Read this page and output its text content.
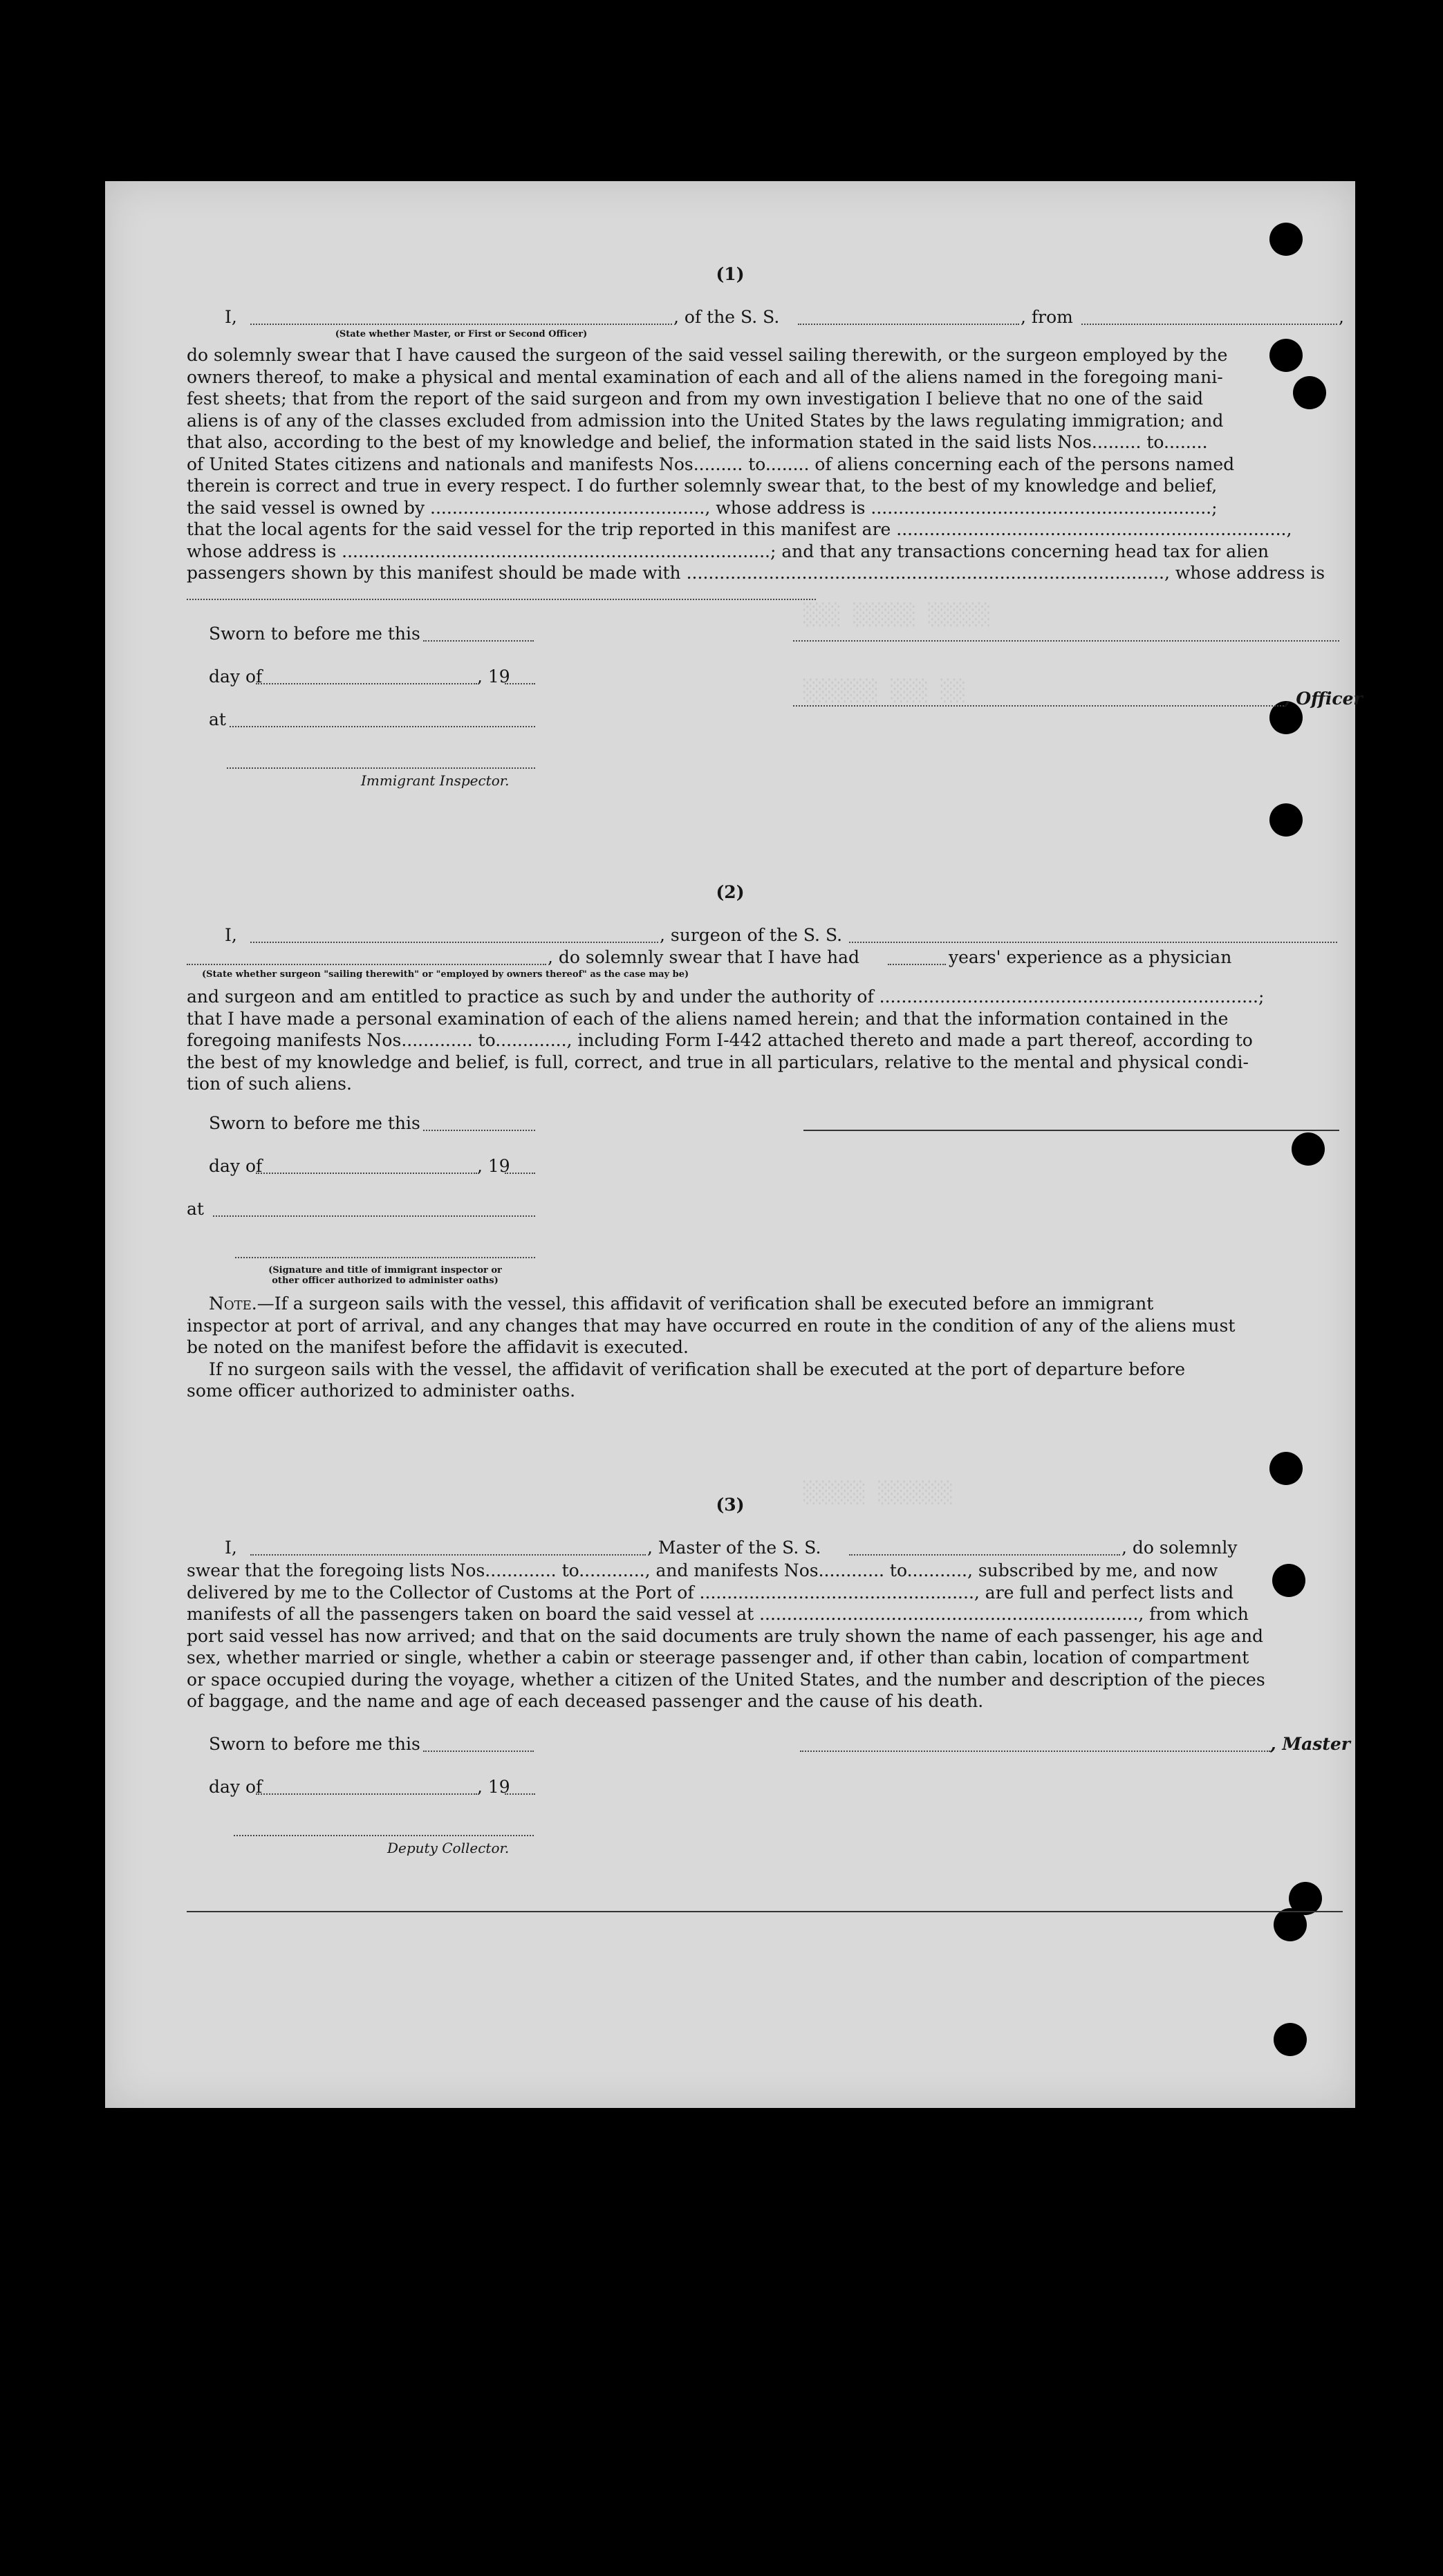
░░░ ░░░░░ ░░░░░
░░░░░░ ░░░ ░░
░░░░░ ░░░░░░
(1)
I,	, of the S. S.	, from	,
(State whether Master, or First or Second Officer)

do solemnly swear that I have caused the surgeon of the said vessel sailing therewith, or the surgeon employed by the

owners thereof, to make a physical and mental examination of each and all of the aliens named in the foregoing mani-

fest sheets; that from the report of the said surgeon and from my own investigation I believe that no one of the said

aliens is of any of the classes excluded from admission into the United States by the laws regulating immigration; and

that also, according to the best of my knowledge and belief, the information stated in the said lists Nos......... to........

of United States citizens and nationals and manifests Nos......... to........ of aliens concerning each of the persons named

therein is correct and true in every respect. I do further solemnly swear that, to the best of my knowledge and belief,

the said vessel is owned by .................................................., whose address is ..............................................................;

that the local agents for the said vessel for the trip reported in this manifest are .......................................................................,

whose address is ..............................................................................; and that any transactions concerning head tax for alien

passengers shown by this manifest should be made with ......................................................................................., whose address is

Sworn to before me this
day of	, 19
, Officer
at
Immigrant Inspector.
(2)
I,	, surgeon of the S. S.
, do solemnly swear that I have had	years' experience as a physician
(State whether surgeon "sailing therewith" or "employed by owners thereof" as the case may be)

and surgeon and am entitled to practice as such by and under the authority of .....................................................................;

that I have made a personal examination of each of the aliens named herein; and that the information contained in the

foregoing manifests Nos............. to............., including Form I-442 attached thereto and made a part thereof, according to

the best of my knowledge and belief, is full, correct, and true in all particulars, relative to the mental and physical condi-

tion of such aliens.

Sworn to before me this
day of	, 19
at
(Signature and title of immigrant inspector or
other officer authorized to administer oaths)

Note.—If a surgeon sails with the vessel, this affidavit of verification shall be executed before an immigrant

inspector at port of arrival, and any changes that may have occurred en route in the condition of any of the aliens must

be noted on the manifest before the affidavit is executed.

If no surgeon sails with the vessel, the affidavit of verification shall be executed at the port of departure before

some officer authorized to administer oaths.

(3)
I,	, Master of the S. S.	, do solemnly

swear that the foregoing lists Nos............. to............, and manifests Nos............ to..........., subscribed by me, and now

delivered by me to the Collector of Customs at the Port of .................................................., are full and perfect lists and

manifests of all the passengers taken on board the said vessel at ....................................................................., from which

port said vessel has now arrived; and that on the said documents are truly shown the name of each passenger, his age and

sex, whether married or single, whether a cabin or steerage passenger and, if other than cabin, location of compartment

or space occupied during the voyage, whether a citizen of the United States, and the number and description of the pieces

of baggage, and the name and age of each deceased passenger and the cause of his death.

Sworn to before me this	, Master
day of	, 19
Deputy Collector.
